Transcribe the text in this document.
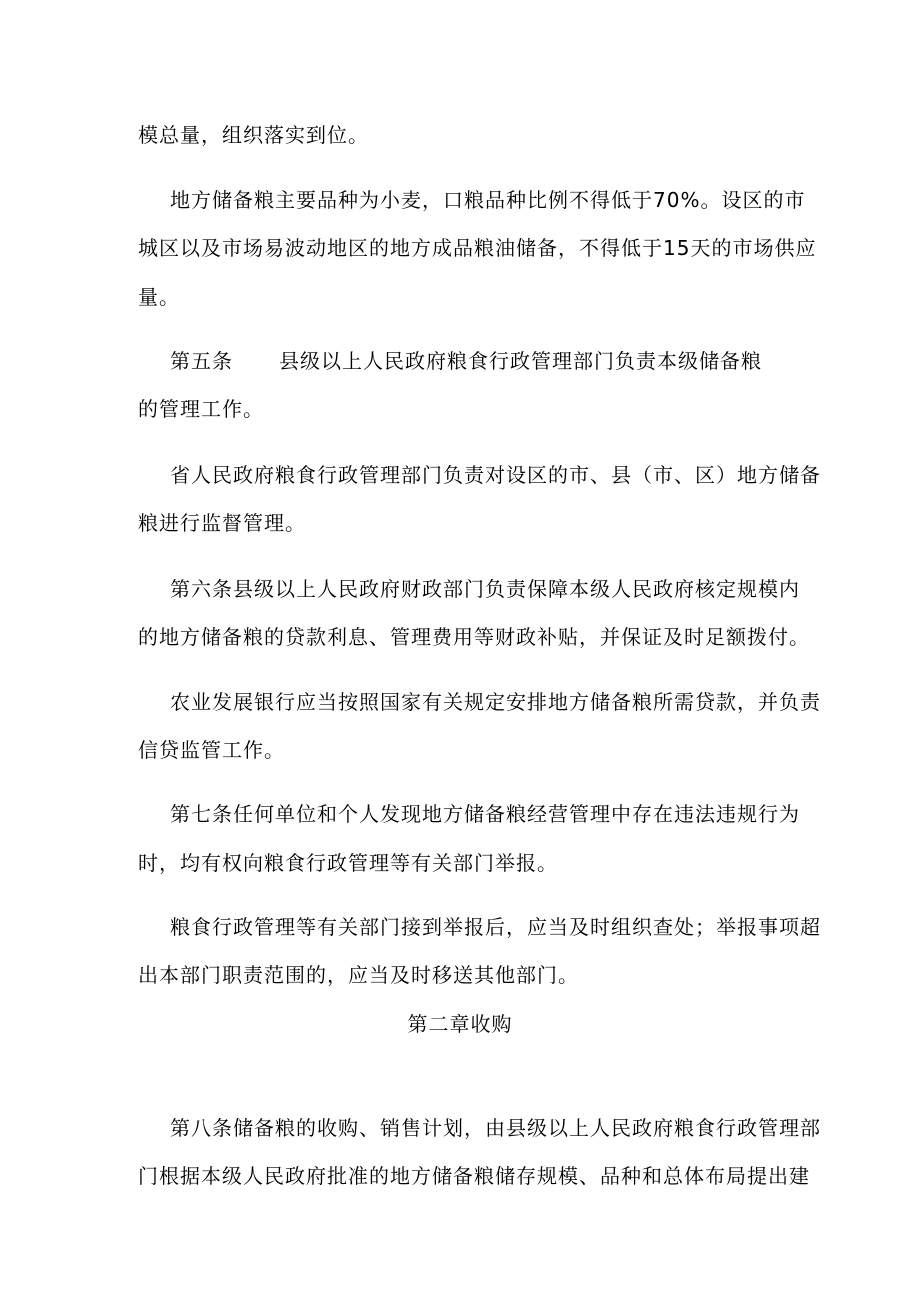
模总量，组织落实到位。
地方储备粮主要品种为小麦，口粮品种比例不得低于70%。设区的市
城区以及市场易波动地区的地方成品粮油储备，不得低于15天的市场供应
量。
第五条 县级以上人民政府粮食行政管理部门负责本级储备粮
的管理工作。
省人民政府粮食行政管理部门负责对设区的市、县（市、区）地方储备
粮进行监督管理。
第六条县级以上人民政府财政部门负责保障本级人民政府核定规模内
的地方储备粮的贷款利息、管理费用等财政补贴，并保证及时足额拨付。
农业发展银行应当按照国家有关规定安排地方储备粮所需贷款，并负责
信贷监管工作。
第七条任何单位和个人发现地方储备粮经营管理中存在违法违规行为
时，均有权向粮食行政管理等有关部门举报。
粮食行政管理等有关部门接到举报后，应当及时组织查处；举报事项超
出本部门职责范围的，应当及时移送其他部门。
第二章收购
第八条储备粮的收购、销售计划，由县级以上人民政府粮食行政管理部
门根据本级人民政府批准的地方储备粮储存规模、品种和总体布局提出建
